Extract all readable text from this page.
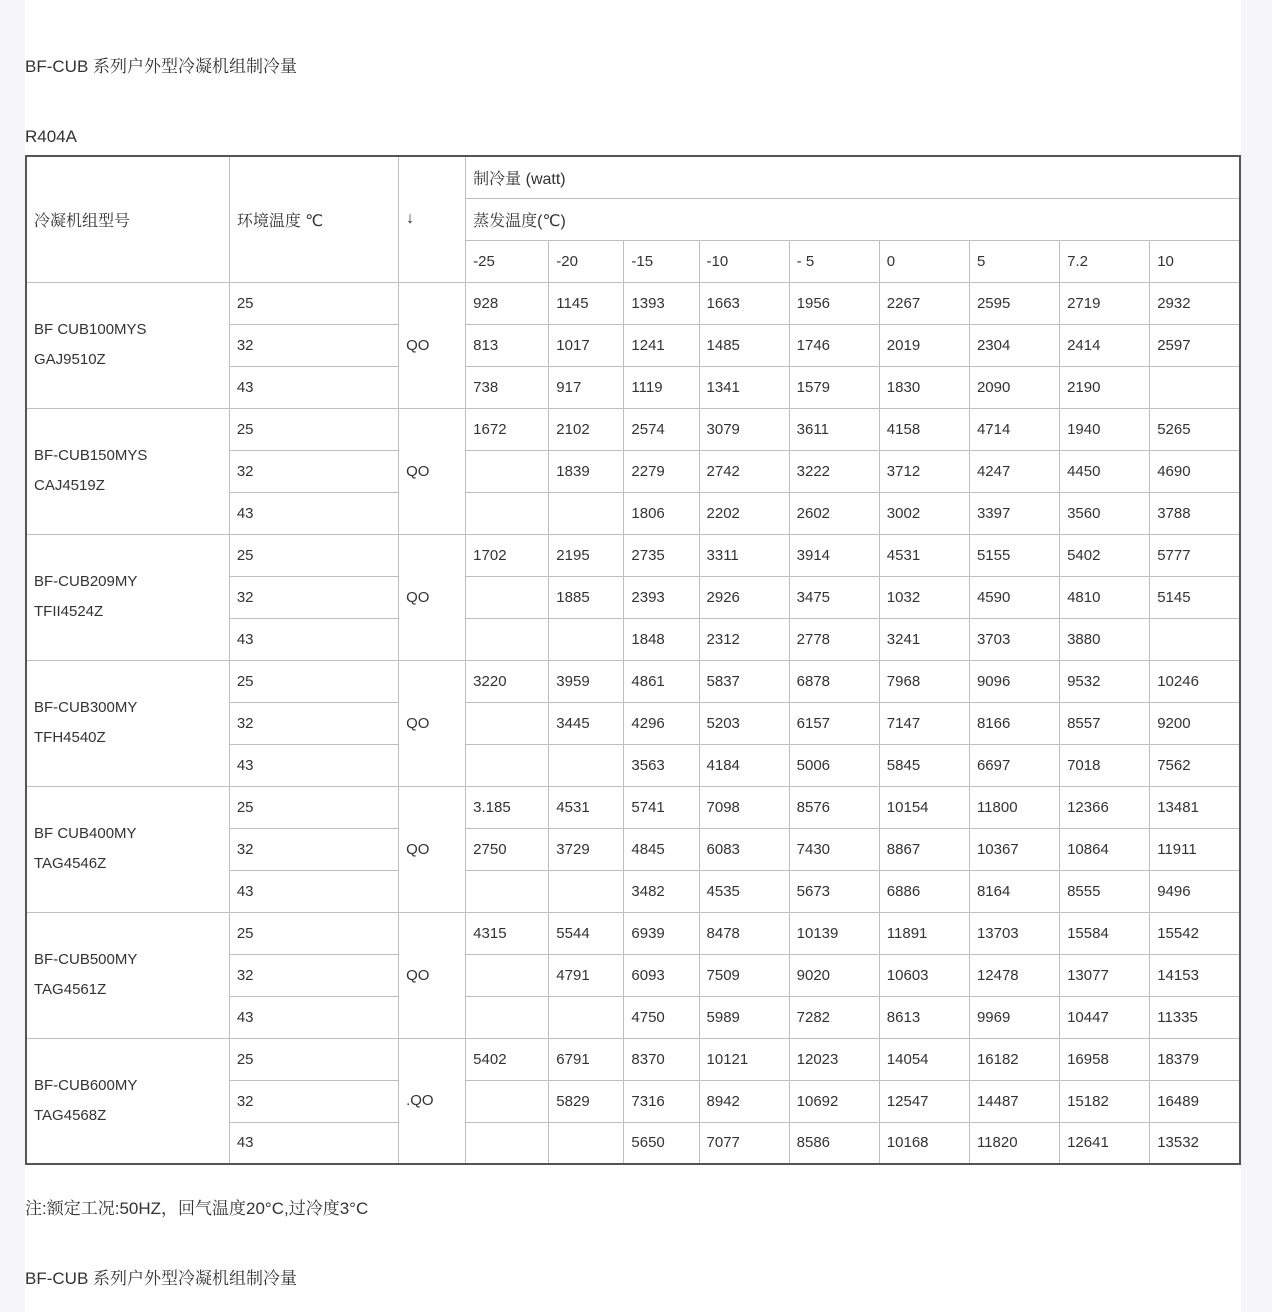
BF-CUB 系列户外型冷凝机组制冷量
R404A
冷凝机组型号	环境温度 ℃	↓	制冷量 (watt)								
			蒸发温度(℃)								
			-25	-20	-15	-10	- 5	0	5	7.2	10

BF CUB100MYS
GAJ9510Z	25	QO	928	1145	1393	1663	1956	2267	2595	2719	2932
	32		813	1017	1241	1485	1746	2019	2304	2414	2597
	43		738	917	1119	1341	1579	1830	2090	2190	

BF-CUB150MYS
CAJ4519Z	25	QO	1672	2102	2574	3079	3611	4158	4714	1940	5265
	32			1839	2279	2742	3222	3712	4247	4450	4690
	43				1806	2202	2602	3002	3397	3560	3788

BF-CUB209MY
TFII4524Z	25	QO	1702	2195	2735	3311	3914	4531	5155	5402	5777
	32			1885	2393	2926	3475	1032	4590	4810	5145
	43				1848	2312	2778	3241	3703	3880	

BF-CUB300MY
TFH4540Z	25	QO	3220	3959	4861	5837	6878	7968	9096	9532	10246
	32			3445	4296	5203	6157	7147	8166	8557	9200
	43				3563	4184	5006	5845	6697	7018	7562

BF CUB400MY
TAG4546Z	25	QO	3.185	4531	5741	7098	8576	10154	11800	12366	13481
	32		2750	3729	4845	6083	7430	8867	10367	10864	11911
	43				3482	4535	5673	6886	8164	8555	9496

BF-CUB500MY
TAG4561Z	25	QO	4315	5544	6939	8478	10139	11891	13703	15584	15542
	32			4791	6093	7509	9020	10603	12478	13077	14153
	43				4750	5989	7282	8613	9969	10447	11335

BF-CUB600MY
TAG4568Z	25	.QO	5402	6791	8370	10121	12023	14054	16182	16958	18379
	32			5829	7316	8942	10692	12547	14487	15182	16489
	43				5650	7077	8586	10168	11820	12641	13532
注:额定工况:50HZ，回气温度20°C,过冷度3°C
BF-CUB 系列户外型冷凝机组制冷量
